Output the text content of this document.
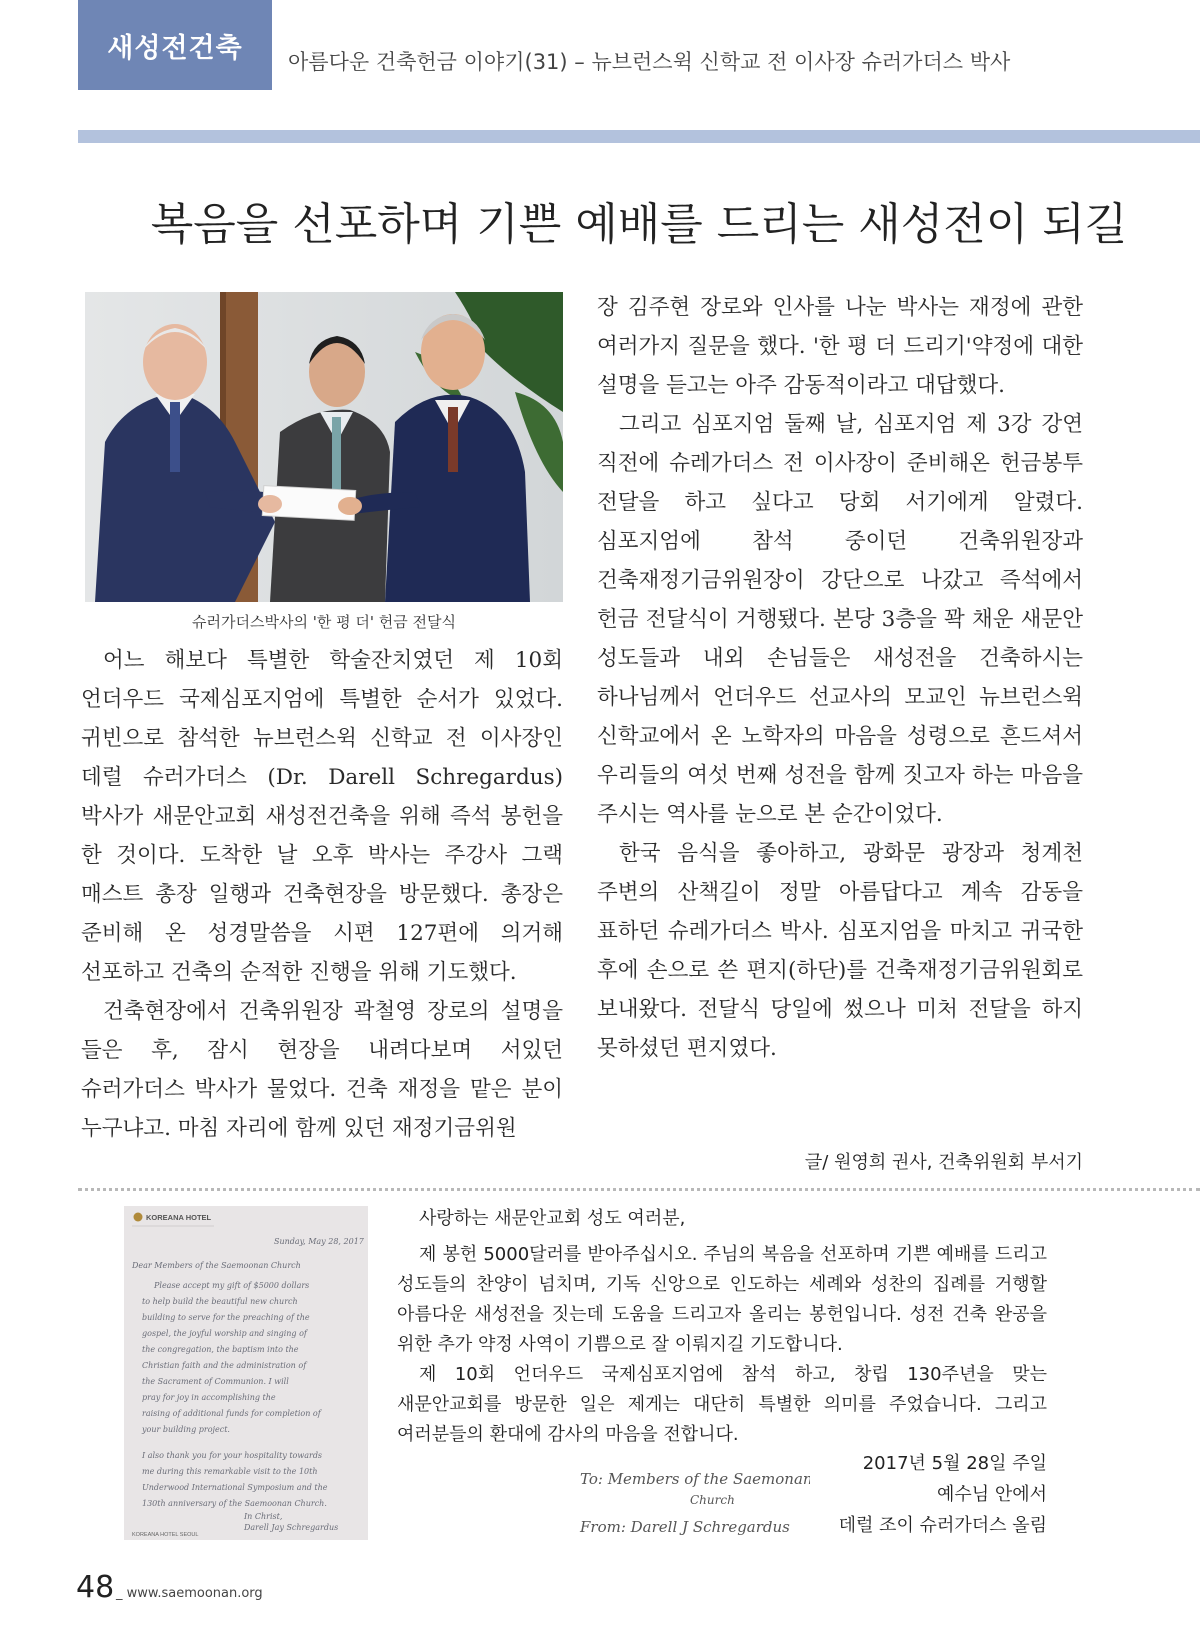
새성전건축	아름다운 건축헌금 이야기(31) – 뉴브런스윅 신학교 전 이사장 슈러가더스 박사
복음을 선포하며 기쁜 예배를 드리는 새성전이 되길
슈러가더스박사의 '한 평 더' 헌금 전달식

어느 해보다 특별한 학술잔치였던 제 10회 언더우드 국제심포지엄에 특별한 순서가 있었다. 귀빈으로 참석한 뉴브런스윅 신학교 전 이사장인 데럴 슈러가더스 (Dr. Darell Schregardus) 박사가 새문안교회 새성전건축을 위해 즉석 봉헌을 한 것이다. 도착한 날 오후 박사는 주강사 그랙 매스트 총장 일행과 건축현장을 방문했다. 총장은 준비해 온 성경말씀을 시편 127편에 의거해 선포하고 건축의 순적한 진행을 위해 기도했다.

건축현장에서 건축위원장 곽철영 장로의 설명을 들은 후, 잠시 현장을 내려다보며 서있던 슈러가더스 박사가 물었다. 건축 재정을 맡은 분이 누구냐고. 마침 자리에 함께 있던 재정기금위원

장 김주현 장로와 인사를 나눈 박사는 재정에 관한 여러가지 질문을 했다. '한 평 더 드리기'약정에 대한 설명을 듣고는 아주 감동적이라고 대답했다.

그리고 심포지엄 둘째 날, 심포지엄 제 3강 강연 직전에 슈레가더스 전 이사장이 준비해온 헌금봉투 전달을 하고 싶다고 당회 서기에게 알렸다. 심포지엄에 참석 중이던 건축위원장과 건축재정기금위원장이 강단으로 나갔고 즉석에서 헌금 전달식이 거행됐다. 본당 3층을 꽉 채운 새문안 성도들과 내외 손님들은 새성전을 건축하시는 하나님께서 언더우드 선교사의 모교인 뉴브런스윅 신학교에서 온 노학자의 마음을 성령으로 흔드셔서 우리들의 여섯 번째 성전을 함께 짓고자 하는 마음을 주시는 역사를 눈으로 본 순간이었다.

한국 음식을 좋아하고, 광화문 광장과 청계천 주변의 산책길이 정말 아름답다고 계속 감동을 표하던 슈레가더스 박사. 심포지엄을 마치고 귀국한 후에 손으로 쓴 편지(하단)를 건축재정기금위원회로 보내왔다. 전달식 당일에 썼으나 미처 전달을 하지 못하셨던 편지였다.

글/ 원영희 권사, 건축위원회 부서기
KOREANA HOTEL
Sunday, May 28, 2017
Dear Members of the Saemoonan Church
Please accept my gift of $5000 dollars
to help build the beautiful new church
building to serve for the preaching of the
gospel, the joyful worship and singing of
the congregation, the baptism into the
Christian faith and the administration of
the Sacrament of Communion. I will
pray for joy in accomplishing the
raising of additional funds for completion of
your building project.
I also thank you for your hospitality towards
me during this remarkable visit to the 10th
Underwood International Symposium and the
130th anniversary of the Saemoonan Church.
In Christ,
Darell Jay Schregardus
KOREANA HOTEL SEOUL

사랑하는 새문안교회 성도 여러분,

제 봉헌 5000달러를 받아주십시오. 주님의 복음을 선포하며 기쁜 예배를 드리고 성도들의 찬양이 넘치며, 기독 신앙으로 인도하는 세례와 성찬의 집례를 거행할 아름다운 새성전을 짓는데 도움을 드리고자 올리는 봉헌입니다. 성전 건축 완공을 위한 추가 약정 사역이 기쁨으로 잘 이뤄지길 기도합니다.

제 10회 언더우드 국제심포지엄에 참석 하고, 창립 130주년을 맞는 새문안교회를 방문한 일은 제게는 대단히 특별한 의미를 주었습니다. 그리고 여러분들의 환대에 감사의 마음을 전합니다.

To: Members of the Saemonan
Church
From: Darell J Schregardus
2017년 5월 28일 주일
예수님 안에서
데럴 조이 슈러가더스 올림
48 _ www.saemoonan.org
